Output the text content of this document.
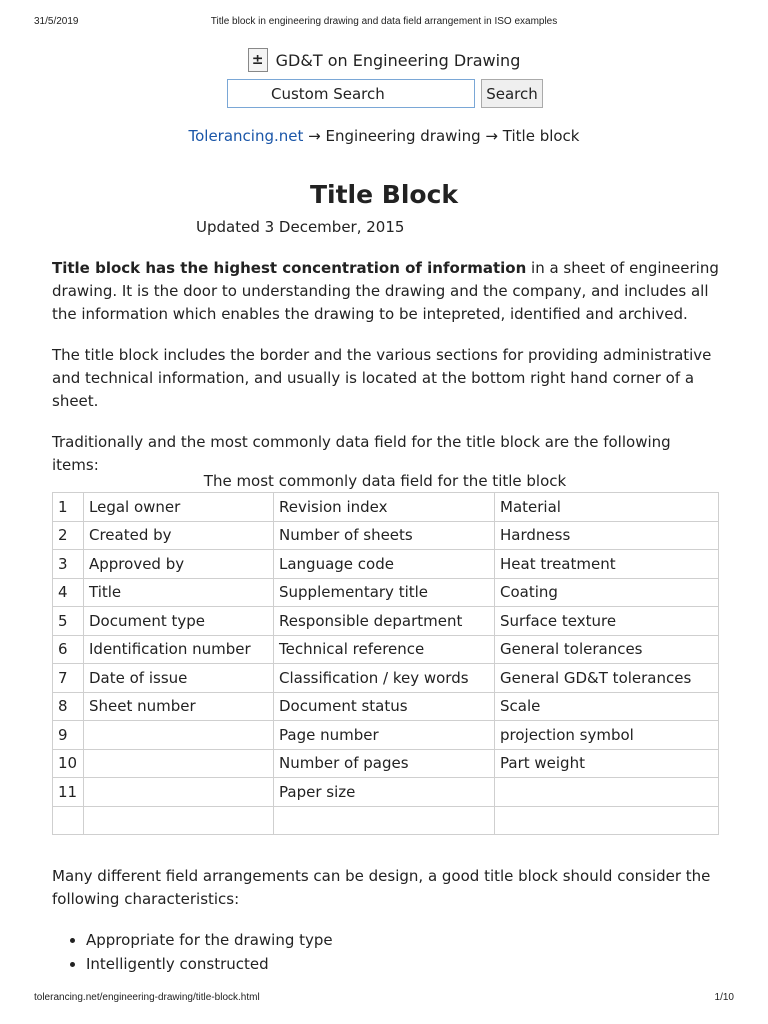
31/5/2019	Title block in engineering drawing and data field arrangement in ISO examples
± GD&T on Engineering Drawing
Custom Search
Search
Tolerancing.net → Engineering drawing → Title block
Title Block
Updated 3 December, 2015

Title block has the highest concentration of information in a sheet of engineering drawing. It is the door to understanding the drawing and the company, and includes all the information which enables the drawing to be intepreted, identified and archived.

The title block includes the border and the various sections for providing administrative and technical information, and usually is located at the bottom right hand corner of a sheet.

Traditionally and the most commonly data field for the title block are the following items:

The most commonly data field for the title block
1	Legal owner	Revision index	Material
2	Created by	Number of sheets	Hardness
3	Approved by	Language code	Heat treatment
4	Title	Supplementary title	Coating
5	Document type	Responsible department	Surface texture
6	Identification number	Technical reference	General tolerances
7	Date of issue	Classification / key words	General GD&T tolerances
8	Sheet number	Document status	Scale
9		Page number	projection symbol
10		Number of pages	Part weight
11		Paper size	

Many different field arrangements can be design, a good title block should consider the following characteristics:

• Appropriate for the drawing type
• Intelligently constructed
tolerancing.net/engineering-drawing/title-block.html	1/10
